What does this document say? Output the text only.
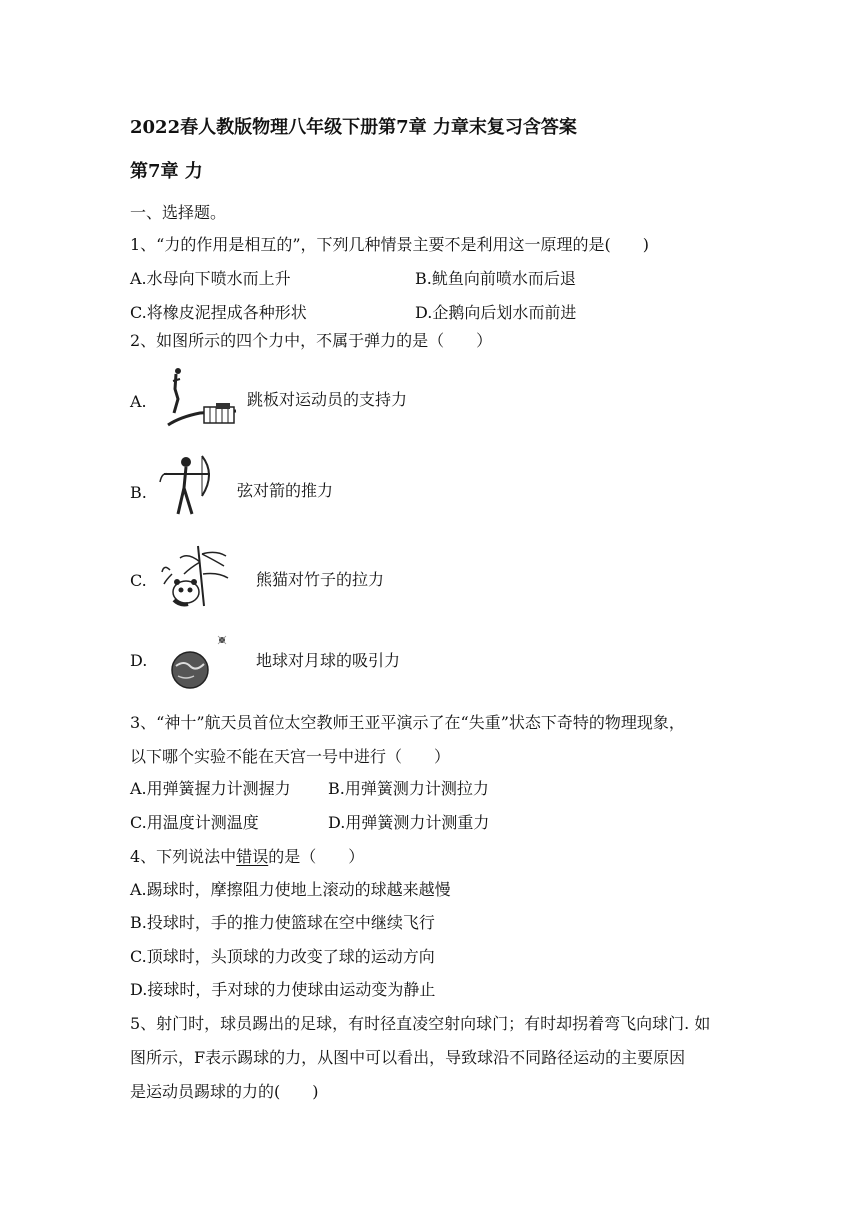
2022春人教版物理八年级下册第7章 力章末复习含答案
第7章 力
一、选择题。
1、“力的作用是相互的”，下列几种情景主要不是利用这一原理的是(　　)
A.水母向下喷水而上升	B.鱿鱼向前喷水而后退
C.将橡皮泥捏成各种形状	D.企鹅向后划水而前进
2、如图所示的四个力中，不属于弹力的是（　　）
A.	跳板对运动员的支持力
B.	弦对箭的推力
C.	熊猫对竹子的拉力
D.	地球对月球的吸引力
3、“神十”航天员首位太空教师王亚平演示了在“失重”状态下奇特的物理现象，
以下哪个实验不能在天宫一号中进行（　　）
A.用弹簧握力计测握力 B.用弹簧测力计测拉力
C.用温度计测温度	D.用弹簧测力计测重力
4、下列说法中错误的是（　　）
A.踢球时，摩擦阻力使地上滚动的球越来越慢
B.投球时，手的推力使篮球在空中继续飞行
C.顶球时，头顶球的力改变了球的运动方向
D.接球时，手对球的力使球由运动变为静止
5、射门时，球员踢出的足球，有时径直凌空射向球门；有时却拐着弯飞向球门. 如
图所示，F表示踢球的力，从图中可以看出，导致球沿不同路径运动的主要原因
是运动员踢球的力的(　　)
